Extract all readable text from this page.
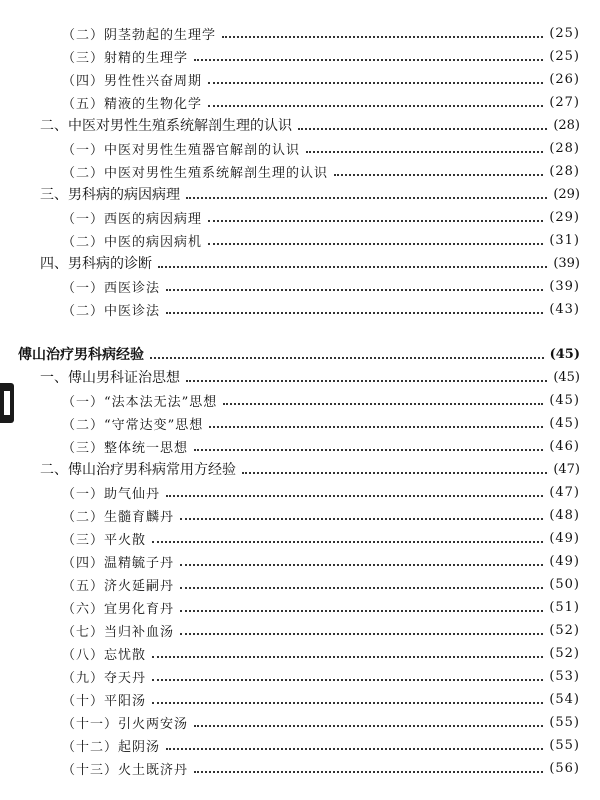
（二）阴茎勃起的生理学	(25)
（三）射精的生理学	(25)
（四）男性性兴奋周期	(26)
（五）精液的生物化学	(27)
二、中医对男性生殖系统解剖生理的认识	(28)
（一）中医对男性生殖器官解剖的认识	(28)
（二）中医对男性生殖系统解剖生理的认识	(28)
三、男科病的病因病理	(29)
（一）西医的病因病理	(29)
（二）中医的病因病机	(31)
四、男科病的诊断	(39)
（一）西医诊法	(39)
（二）中医诊法	(43)
傅山治疗男科病经验	(45)
一、傅山男科证治思想	(45)
（一）“法本法无法”思想	(45)
（二）“守常达变”思想	(45)
（三）整体统一思想	(46)
二、傅山治疗男科病常用方经验	(47)
（一）助气仙丹	(47)
（二）生髓育麟丹	(48)
（三）平火散	(49)
（四）温精毓子丹	(49)
（五）济火延嗣丹	(50)
（六）宜男化育丹	(51)
（七）当归补血汤	(52)
（八）忘忧散	(52)
（九）夺天丹	(53)
（十）平阳汤	(54)
（十一）引火两安汤	(55)
（十二）起阴汤	(55)
（十三）火土既济丹	(56)
